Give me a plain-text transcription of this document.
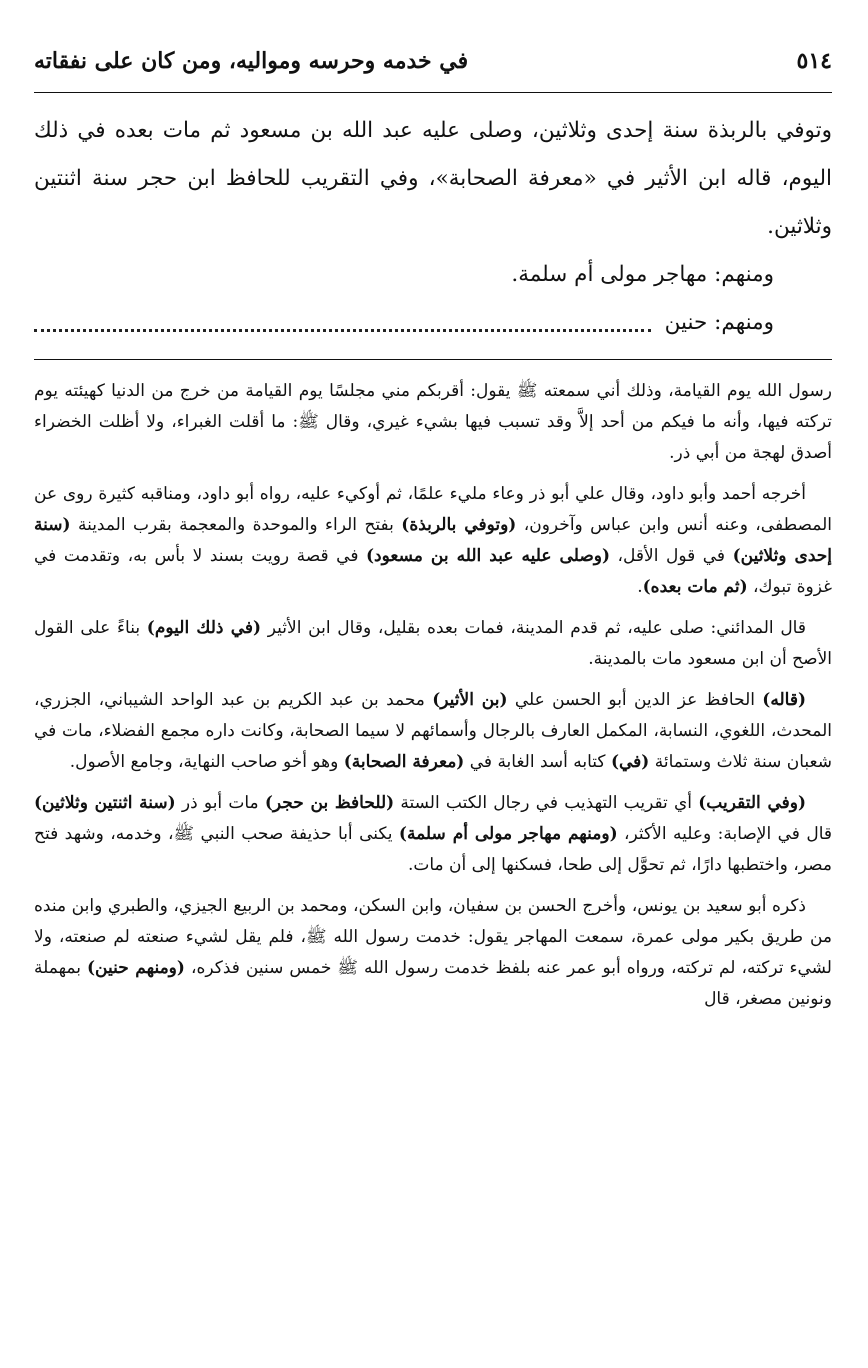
٥١٤
في خدمه وحرسه ومواليه، ومن كان على نفقاته

وتوفي بالربذة سنة إحدى وثلاثين، وصلى عليه عبد الله بن مسعود ثم مات بعده في ذلك اليوم، قاله ابن الأثير في «معرفة الصحابة»، وفي التقريب للحافظ ابن حجر سنة اثنتين وثلاثين.

ومنهم: مهاجر مولى أم سلمة.

ومنهم: حنين

رسول الله يوم القيامة، وذلك أني سمعته ﷺ يقول: أقربكم مني مجلسًا يوم القيامة من خرج من الدنيا كهيئته يوم تركته فيها، وأنه ما فيكم من أحد إلاَّ وقد تسبب فيها بشيء غيري، وقال ﷺ: ما أقلت الغبراء، ولا أظلت الخضراء أصدق لهجة من أبي ذر.

أخرجه أحمد وأبو داود، وقال علي أبو ذر وعاء مليء علمًا، ثم أوكيء عليه، رواه أبو داود، ومناقبه كثيرة روى عن المصطفى، وعنه أنس وابن عباس وآخرون، (وتوفي بالربذة) بفتح الراء والموحدة والمعجمة بقرب المدينة (سنة إحدى وثلاثين) في قول الأقل، (وصلى عليه عبد الله بن مسعود) في قصة رويت بسند لا بأس به، وتقدمت في غزوة تبوك، (ثم مات بعده).

قال المدائني: صلى عليه، ثم قدم المدينة، فمات بعده بقليل، وقال ابن الأثير (في ذلك اليوم) بناءً على القول الأصح أن ابن مسعود مات بالمدينة.

(قاله) الحافظ عز الدين أبو الحسن علي (بن الأثير) محمد بن عبد الكريم بن عبد الواحد الشيباني، الجزري، المحدث، اللغوي، النسابة، المكمل العارف بالرجال وأسمائهم لا سيما الصحابة، وكانت داره مجمع الفضلاء، مات في شعبان سنة ثلاث وستمائة (في) كتابه أسد الغابة في (معرفة الصحابة) وهو أخو صاحب النهاية، وجامع الأصول.

(وفي التقريب) أي تقريب التهذيب في رجال الكتب الستة (للحافظ بن حجر) مات أبو ذر (سنة اثنتين وثلاثين) قال في الإصابة: وعليه الأكثر، (ومنهم مهاجر مولى أم سلمة) يكنى أبا حذيفة صحب النبي ﷺ، وخدمه، وشهد فتح مصر، واختطبها دارًا، ثم تحوَّل إلى طحا، فسكنها إلى أن مات.

ذكره أبو سعيد بن يونس، وأخرج الحسن بن سفيان، وابن السكن، ومحمد بن الربيع الجيزي، والطبري وابن منده من طريق بكير مولى عمرة، سمعت المهاجر يقول: خدمت رسول الله ﷺ، فلم يقل لشيء صنعته لم صنعته، ولا لشيء تركته، لم تركته، ورواه أبو عمر عنه بلفظ خدمت رسول الله ﷺ خمس سنين فذكره، (ومنهم حنين) بمهملة ونونين مصغر، قال
